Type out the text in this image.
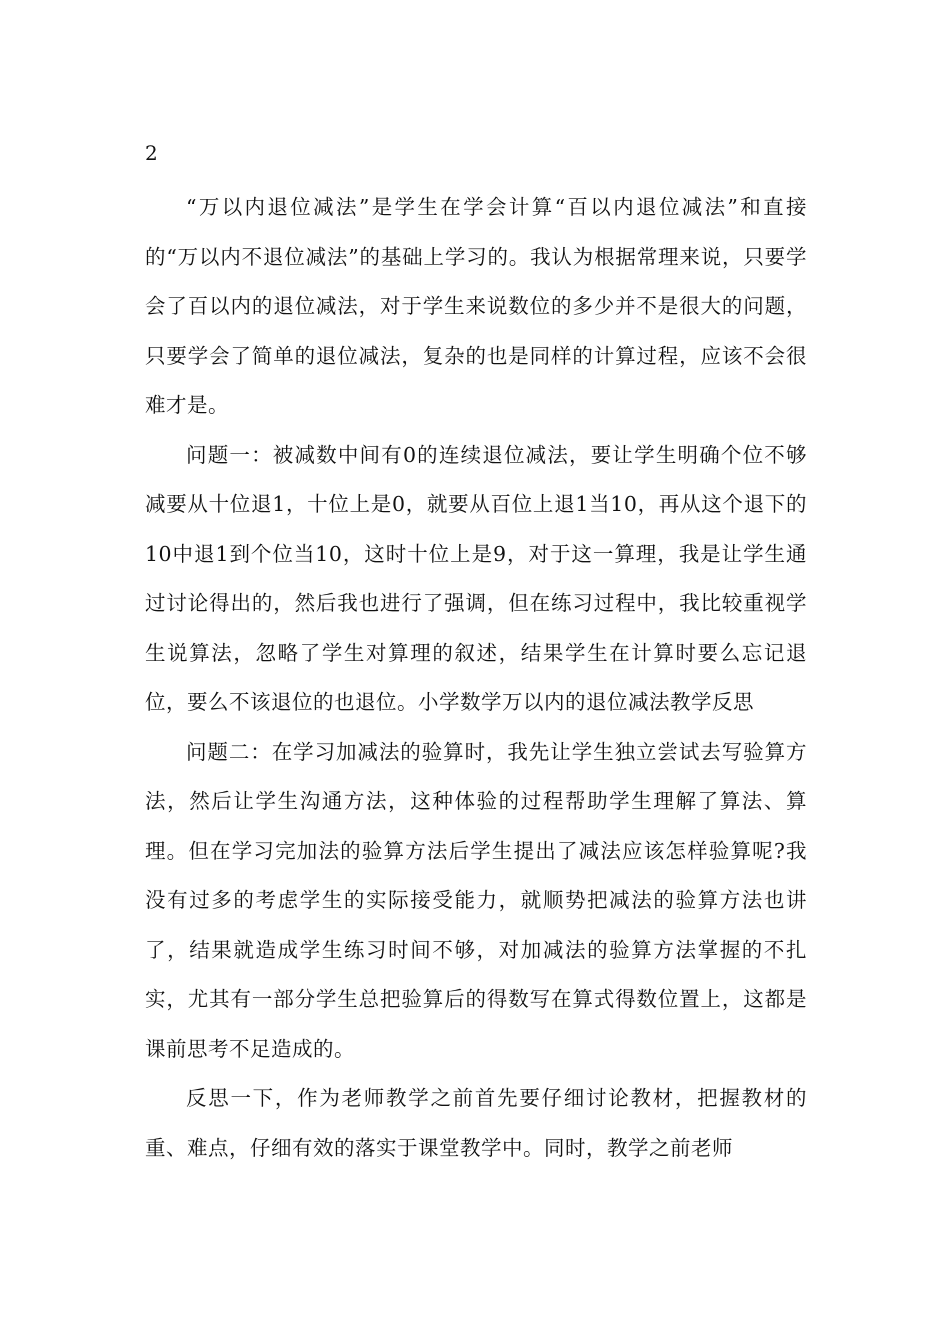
2

“万以内退位减法”是学生在学会计算“百以内退位减法”和直接的“万以内不退位减法”的基础上学习的。我认为根据常理来说，只要学会了百以内的退位减法，对于学生来说数位的多少并不是很大的问题，只要学会了简单的退位减法，复杂的也是同样的计算过程，应该不会很难才是。

问题一：被减数中间有0的连续退位减法，要让学生明确个位不够减要从十位退1，十位上是0，就要从百位上退1当10，再从这个退下的10中退1到个位当10，这时十位上是9，对于这一算理，我是让学生通过讨论得出的，然后我也进行了强调，但在练习过程中，我比较重视学生说算法，忽略了学生对算理的叙述，结果学生在计算时要么忘记退位，要么不该退位的也退位。小学数学万以内的退位减法教学反思

问题二：在学习加减法的验算时，我先让学生独立尝试去写验算方法，然后让学生沟通方法，这种体验的过程帮助学生理解了算法、算理。但在学习完加法的验算方法后学生提出了减法应该怎样验算呢?我没有过多的考虑学生的实际接受能力，就顺势把减法的验算方法也讲了，结果就造成学生练习时间不够，对加减法的验算方法掌握的不扎实，尤其有一部分学生总把验算后的得数写在算式得数位置上，这都是课前思考不足造成的。

反思一下，作为老师教学之前首先要仔细讨论教材，把握教材的重、难点，仔细有效的落实于课堂教学中。同时，教学之前老师
